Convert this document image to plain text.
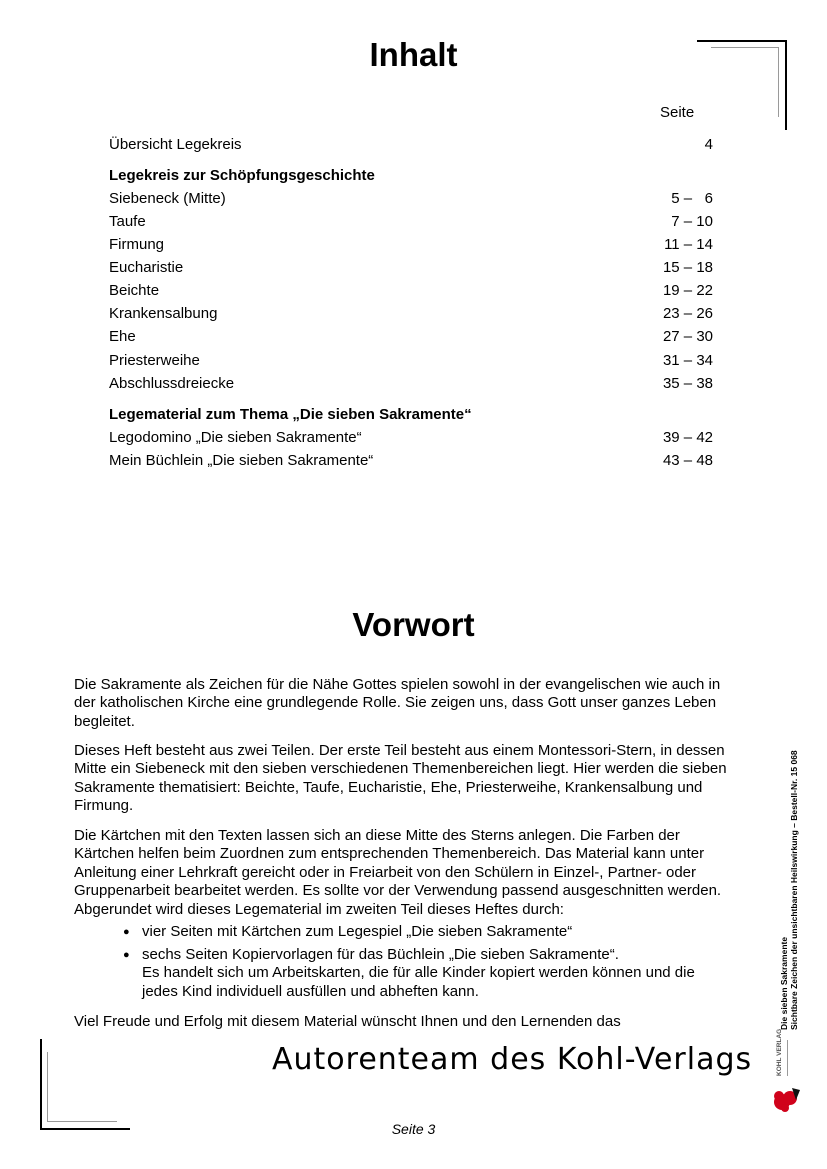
Inhalt
Seite
Übersicht Legekreis	4
Legekreis zur Schöpfungsgeschichte
Siebeneck (Mitte)	5 –   6
Taufe	7 – 10
Firmung	11 – 14
Eucharistie	15 – 18
Beichte	19 – 22
Krankensalbung	23 – 26
Ehe	27 – 30
Priesterweihe	31 – 34
Abschlussdreiecke	35 – 38
Legematerial zum Thema „Die sieben Sakramente“
Legodomino „Die sieben Sakramente“	39 – 42
Mein Büchlein „Die sieben Sakramente“	43 – 48
Vorwort
Die Sakramente als Zeichen für die Nähe Gottes spielen sowohl in der evangelischen wie auch in
der katholischen Kirche eine grundlegende Rolle. Sie zeigen uns, dass Gott unser ganzes Leben
begleitet.
Dieses Heft besteht aus zwei Teilen. Der erste Teil besteht aus einem Montessori-Stern, in dessen
Mitte ein Siebeneck mit den sieben verschiedenen Themenbereichen liegt. Hier werden die sieben
Sakramente thematisiert: Beichte, Taufe, Eucharistie, Ehe, Priesterweihe, Krankensalbung und
Firmung.
Die Kärtchen mit den Texten lassen sich an diese Mitte des Sterns anlegen. Die Farben der
Kärtchen helfen beim Zuordnen zum entsprechenden Themenbereich. Das Material kann unter
Anleitung einer Lehrkraft gereicht oder in Freiarbeit von den Schülern in Einzel-, Partner- oder
Gruppenarbeit bearbeitet werden. Es sollte vor der Verwendung passend ausgeschnitten werden.
Abgerundet wird dieses Legematerial im zweiten Teil dieses Heftes durch:
● vier Seiten mit Kärtchen zum Legespiel „Die sieben Sakramente“
● sechs Seiten Kopiervorlagen für das Büchlein „Die sieben Sakramente“.
Es handelt sich um Arbeitskarten, die für alle Kinder kopiert werden können und die
jedes Kind individuell ausfüllen und abheften kann.
Viel Freude und Erfolg mit diesem Material wünscht Ihnen und den Lernenden das
Autorenteam des Kohl-Verlags
Die sieben Sakramente Sichtbare Zeichen der unsichtbaren Heilswirkung – Bestell-Nr. 15 068
KOHL VERLAG
Seite 3
